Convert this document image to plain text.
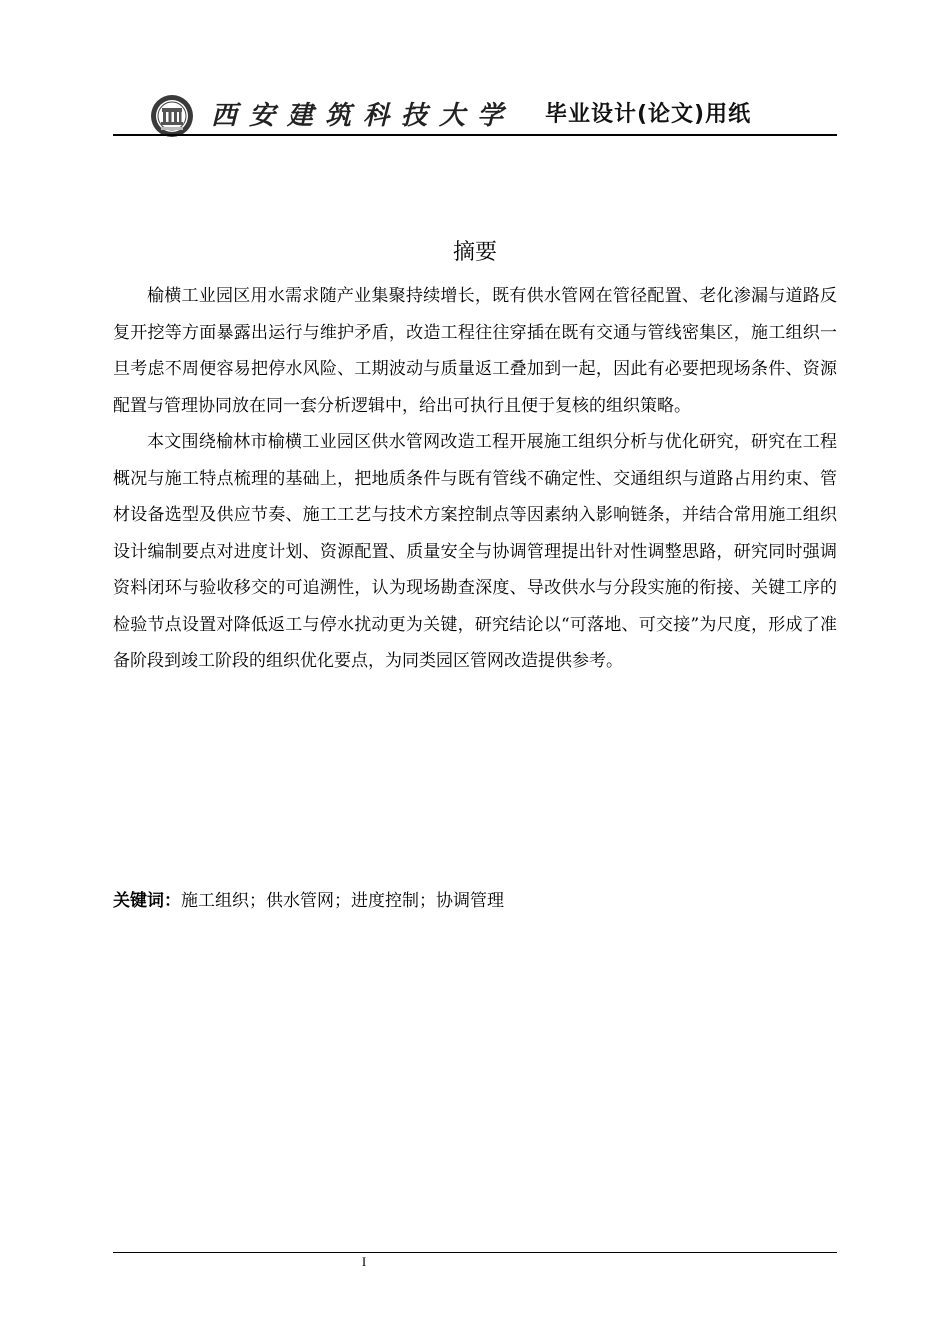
西安建筑科技大学 毕业设计(论文)用纸
摘要

榆横工业园区用水需求随产业集聚持续增长，既有供水管网在管径配置、老化渗漏与道路反复开挖等方面暴露出运行与维护矛盾，改造工程往往穿插在既有交通与管线密集区，施工组织一旦考虑不周便容易把停水风险、工期波动与质量返工叠加到一起，因此有必要把现场条件、资源配置与管理协同放在同一套分析逻辑中，给出可执行且便于复核的组织策略。

本文围绕榆林市榆横工业园区供水管网改造工程开展施工组织分析与优化研究，研究在工程概况与施工特点梳理的基础上，把地质条件与既有管线不确定性、交通组织与道路占用约束、管材设备选型及供应节奏、施工工艺与技术方案控制点等因素纳入影响链条，并结合常用施工组织设计编制要点对进度计划、资源配置、质量安全与协调管理提出针对性调整思路，研究同时强调资料闭环与验收移交的可追溯性，认为现场勘查深度、导改供水与分段实施的衔接、关键工序的检验节点设置对降低返工与停水扰动更为关键，研究结论以“可落地、可交接”为尺度，形成了准备阶段到竣工阶段的组织优化要点，为同类园区管网改造提供参考。

关键词：施工组织；供水管网；进度控制；协调管理
I
